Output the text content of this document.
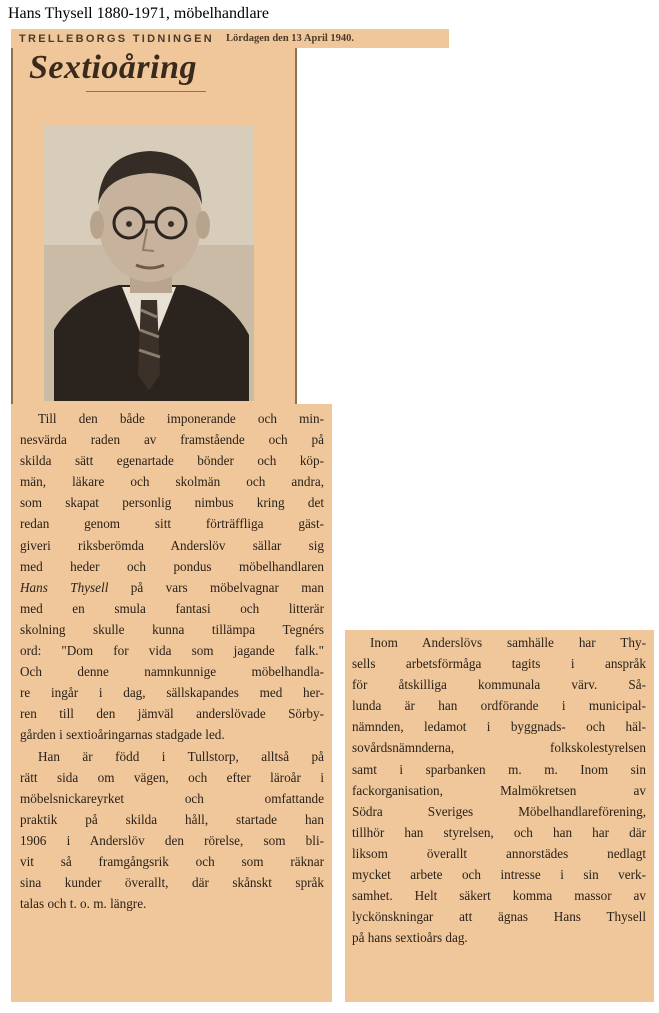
Hans Thysell 1880-1971, möbelhandlare
TRELLEBORGS TIDNINGEN Lördagen den 13 April 1940.
Sextioåring
Till den både imponerande och min-
nesvärda raden av framstående och på
skilda sätt egenartade bönder och köp-
män, läkare och skolmän och andra,
som skapat personlig nimbus kring det
redan genom sitt förträffliga gäst-
giveri riksberömda Anderslöv sällar sig
med heder och pondus möbelhandlaren
Hans Thysell på vars möbelvagnar man
med en smula fantasi och litterär
skolning skulle kunna tillämpa Tegnérs
ord: "Dom for vida som jagande falk."
Och denne namnkunnige möbelhandla-
re ingår i dag, sällskapandes med her-
ren till den jämväl anderslövade Sörby-
gården i sextioåringarnas stadgade led.
Han är född i Tullstorp, alltså på
rätt sida om vägen, och efter läroår i
möbelsnickareyrket och omfattande
praktik på skilda håll, startade han
1906 i Anderslöv den rörelse, som bli-
vit så framgångsrik och som räknar
sina kunder överallt, där skånskt språk
talas och t. o. m. längre.
Inom Anderslövs samhälle har Thy-
sells arbetsförmåga tagits i anspråk
för åtskilliga kommunala värv. Så-
lunda är han ordförande i municipal-
nämnden, ledamot i byggnads- och häl-
sovårdsnämnderna, folkskolestyrelsen
samt i sparbanken m. m. Inom sin
fackorganisation, Malmökretsen av
Södra Sveriges Möbelhandlareförening,
tillhör han styrelsen, och han har där
liksom överallt annorstädes nedlagt
mycket arbete och intresse i sin verk-
samhet. Helt säkert komma massor av
lyckönskningar att ägnas Hans Thysell
på hans sextioårs dag.
